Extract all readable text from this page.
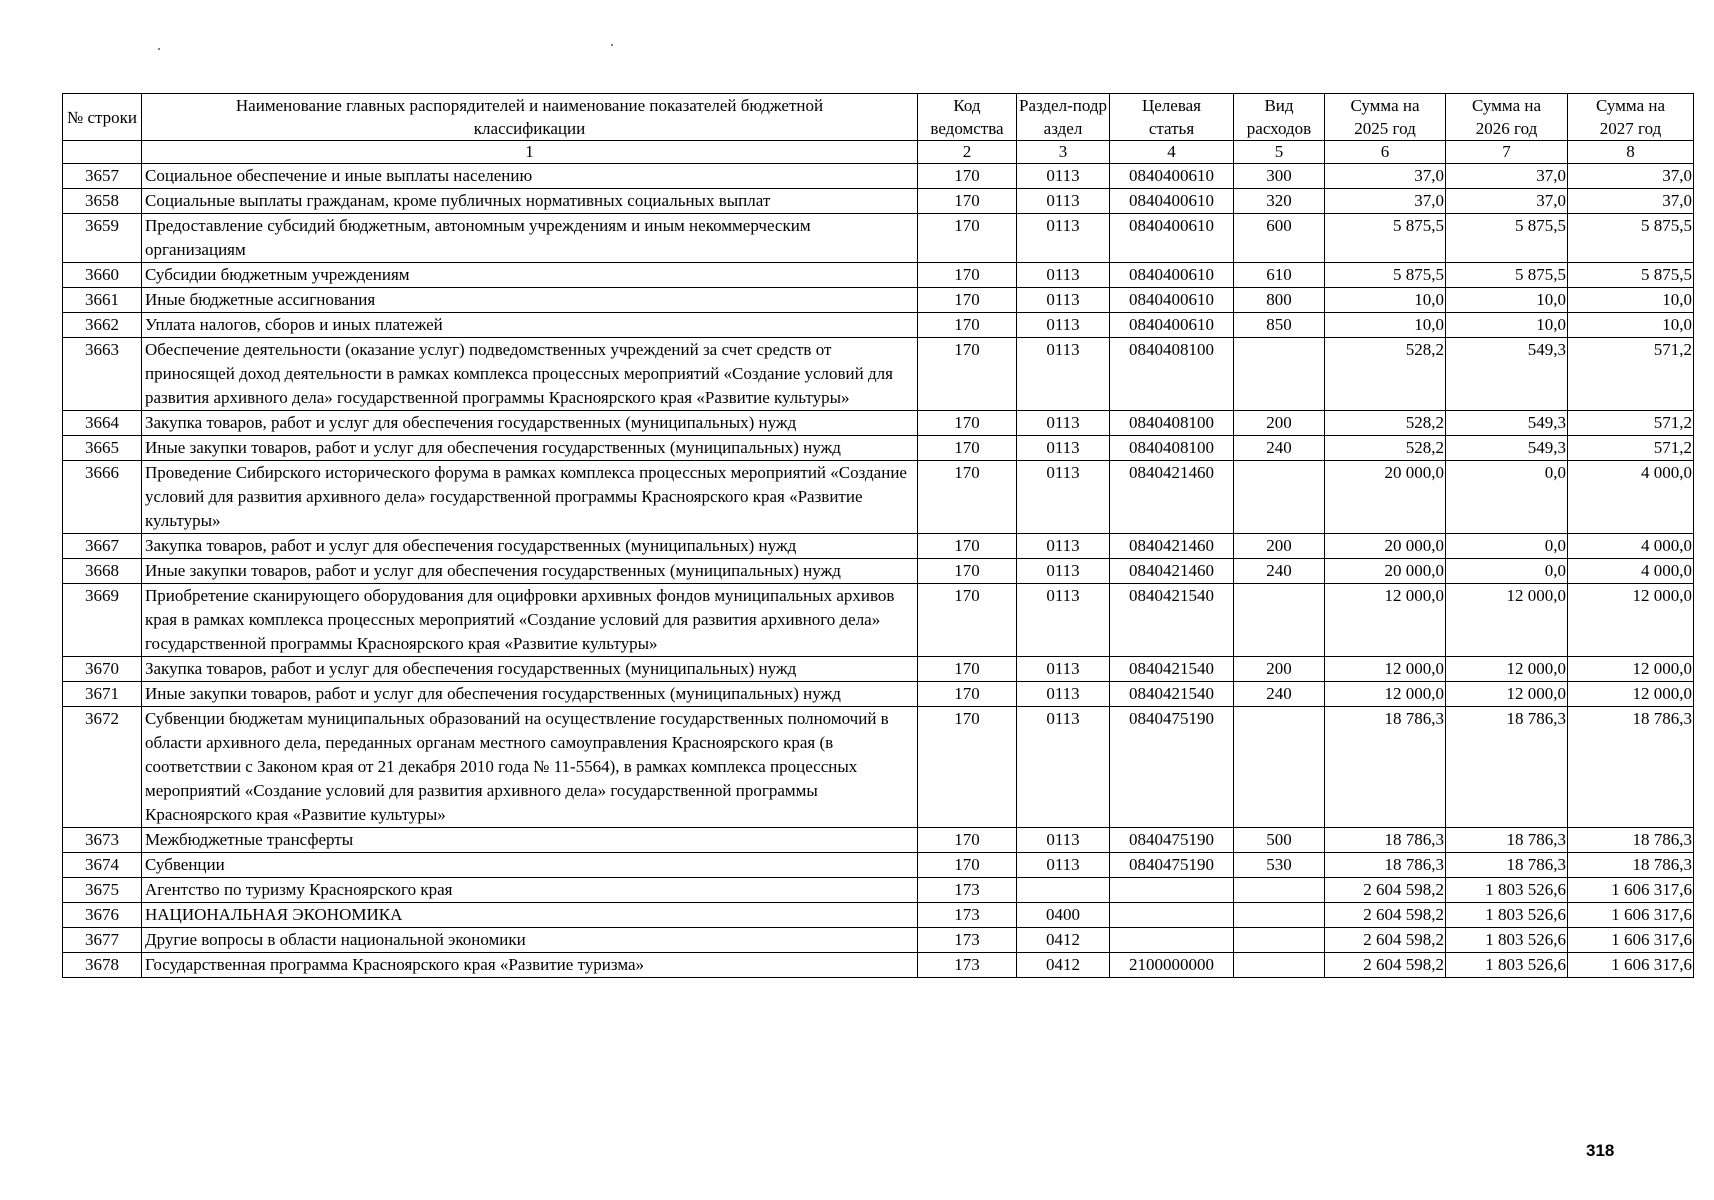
№ строки	Наименование главных распорядителей и наименование показателей бюджетной классификации	Код ведомства	Раздел-подраздел	Целевая статья	Вид расходов	Сумма на 2025 год	Сумма на 2026 год	Сумма на 2027 год
	1	2	3	4	5	6	7	8
3657	Социальное обеспечение и иные выплаты населению	170	0113	0840400610	300	37,0	37,0	37,0
3658	Социальные выплаты гражданам, кроме публичных нормативных социальных выплат	170	0113	0840400610	320	37,0	37,0	37,0
3659	Предоставление субсидий бюджетным, автономным учреждениям и иным некоммерческим организациям	170	0113	0840400610	600	5 875,5	5 875,5	5 875,5
3660	Субсидии бюджетным учреждениям	170	0113	0840400610	610	5 875,5	5 875,5	5 875,5
3661	Иные бюджетные ассигнования	170	0113	0840400610	800	10,0	10,0	10,0
3662	Уплата налогов, сборов и иных платежей	170	0113	0840400610	850	10,0	10,0	10,0
3663	Обеспечение деятельности (оказание услуг) подведомственных учреждений за счет средств от приносящей доход деятельности в рамках комплекса процессных мероприятий «Создание условий для развития архивного дела» государственной программы Красноярского края «Развитие культуры»	170	0113	0840408100		528,2	549,3	571,2
3664	Закупка товаров, работ и услуг для обеспечения государственных (муниципальных) нужд	170	0113	0840408100	200	528,2	549,3	571,2
3665	Иные закупки товаров, работ и услуг для обеспечения государственных (муниципальных) нужд	170	0113	0840408100	240	528,2	549,3	571,2
3666	Проведение Сибирского исторического форума в рамках комплекса процессных мероприятий «Создание условий для развития архивного дела» государственной программы Красноярского края «Развитие культуры»	170	0113	0840421460		20 000,0	0,0	4 000,0
3667	Закупка товаров, работ и услуг для обеспечения государственных (муниципальных) нужд	170	0113	0840421460	200	20 000,0	0,0	4 000,0
3668	Иные закупки товаров, работ и услуг для обеспечения государственных (муниципальных) нужд	170	0113	0840421460	240	20 000,0	0,0	4 000,0
3669	Приобретение сканирующего оборудования для оцифровки архивных фондов муниципальных архивов края в рамках комплекса процессных мероприятий «Создание условий для развития архивного дела» государственной программы Красноярского края «Развитие культуры»	170	0113	0840421540		12 000,0	12 000,0	12 000,0
3670	Закупка товаров, работ и услуг для обеспечения государственных (муниципальных) нужд	170	0113	0840421540	200	12 000,0	12 000,0	12 000,0
3671	Иные закупки товаров, работ и услуг для обеспечения государственных (муниципальных) нужд	170	0113	0840421540	240	12 000,0	12 000,0	12 000,0
3672	Субвенции бюджетам муниципальных образований на осуществление государственных полномочий в области архивного дела, переданных органам местного самоуправления Красноярского края (в соответствии с Законом края от 21 декабря 2010 года № 11-5564), в рамках комплекса процессных мероприятий «Создание условий для развития архивного дела» государственной программы Красноярского края «Развитие культуры»	170	0113	0840475190		18 786,3	18 786,3	18 786,3
3673	Межбюджетные трансферты	170	0113	0840475190	500	18 786,3	18 786,3	18 786,3
3674	Субвенции	170	0113	0840475190	530	18 786,3	18 786,3	18 786,3
3675	Агентство по туризму Красноярского края	173				2 604 598,2	1 803 526,6	1 606 317,6
3676	НАЦИОНАЛЬНАЯ ЭКОНОМИКА	173	0400			2 604 598,2	1 803 526,6	1 606 317,6
3677	Другие вопросы в области национальной экономики	173	0412			2 604 598,2	1 803 526,6	1 606 317,6
3678	Государственная программа Красноярского края «Развитие туризма»	173	0412	2100000000		2 604 598,2	1 803 526,6	1 606 317,6
318
